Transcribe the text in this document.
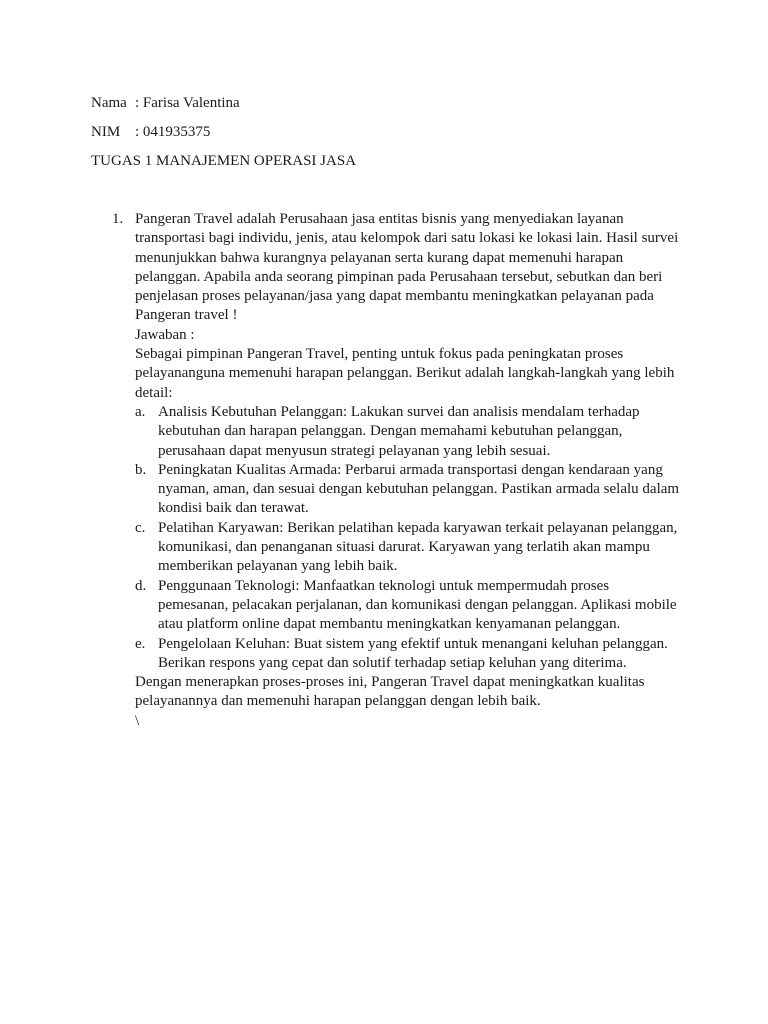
Nama : Farisa Valentina
NIM : 041935375
TUGAS 1 MANAJEMEN OPERASI JASA
1. Pangeran Travel adalah Perusahaan jasa entitas bisnis yang menyediakan layanan transportasi bagi individu, jenis, atau kelompok dari satu lokasi ke lokasi lain. Hasil survei menunjukkan bahwa kurangnya pelayanan serta kurang dapat memenuhi harapan pelanggan. Apabila anda seorang pimpinan pada Perusahaan tersebut, sebutkan dan beri penjelasan proses pelayanan/jasa yang dapat membantu meningkatkan pelayanan pada Pangeran travel !

Jawaban :

Sebagai pimpinan Pangeran Travel, penting untuk fokus pada peningkatan proses pelayananguna memenuhi harapan pelanggan. Berikut adalah langkah-langkah yang lebih detail:

a. Analisis Kebutuhan Pelanggan: Lakukan survei dan analisis mendalam terhadap kebutuhan dan harapan pelanggan. Dengan memahami kebutuhan pelanggan, perusahaan dapat menyusun strategi pelayanan yang lebih sesuai.
b. Peningkatan Kualitas Armada: Perbarui armada transportasi dengan kendaraan yang nyaman, aman, dan sesuai dengan kebutuhan pelanggan. Pastikan armada selalu dalam kondisi baik dan terawat.
c. Pelatihan Karyawan: Berikan pelatihan kepada karyawan terkait pelayanan pelanggan, komunikasi, dan penanganan situasi darurat. Karyawan yang terlatih akan mampu memberikan pelayanan yang lebih baik.
d. Penggunaan Teknologi: Manfaatkan teknologi untuk mempermudah proses pemesanan, pelacakan perjalanan, dan komunikasi dengan pelanggan. Aplikasi mobile atau platform online dapat membantu meningkatkan kenyamanan pelanggan.
e. Pengelolaan Keluhan: Buat sistem yang efektif untuk menangani keluhan pelanggan. Berikan respons yang cepat dan solutif terhadap setiap keluhan yang diterima.

Dengan menerapkan proses-proses ini, Pangeran Travel dapat meningkatkan kualitas pelayanannya dan memenuhi harapan pelanggan dengan lebih baik.

\
